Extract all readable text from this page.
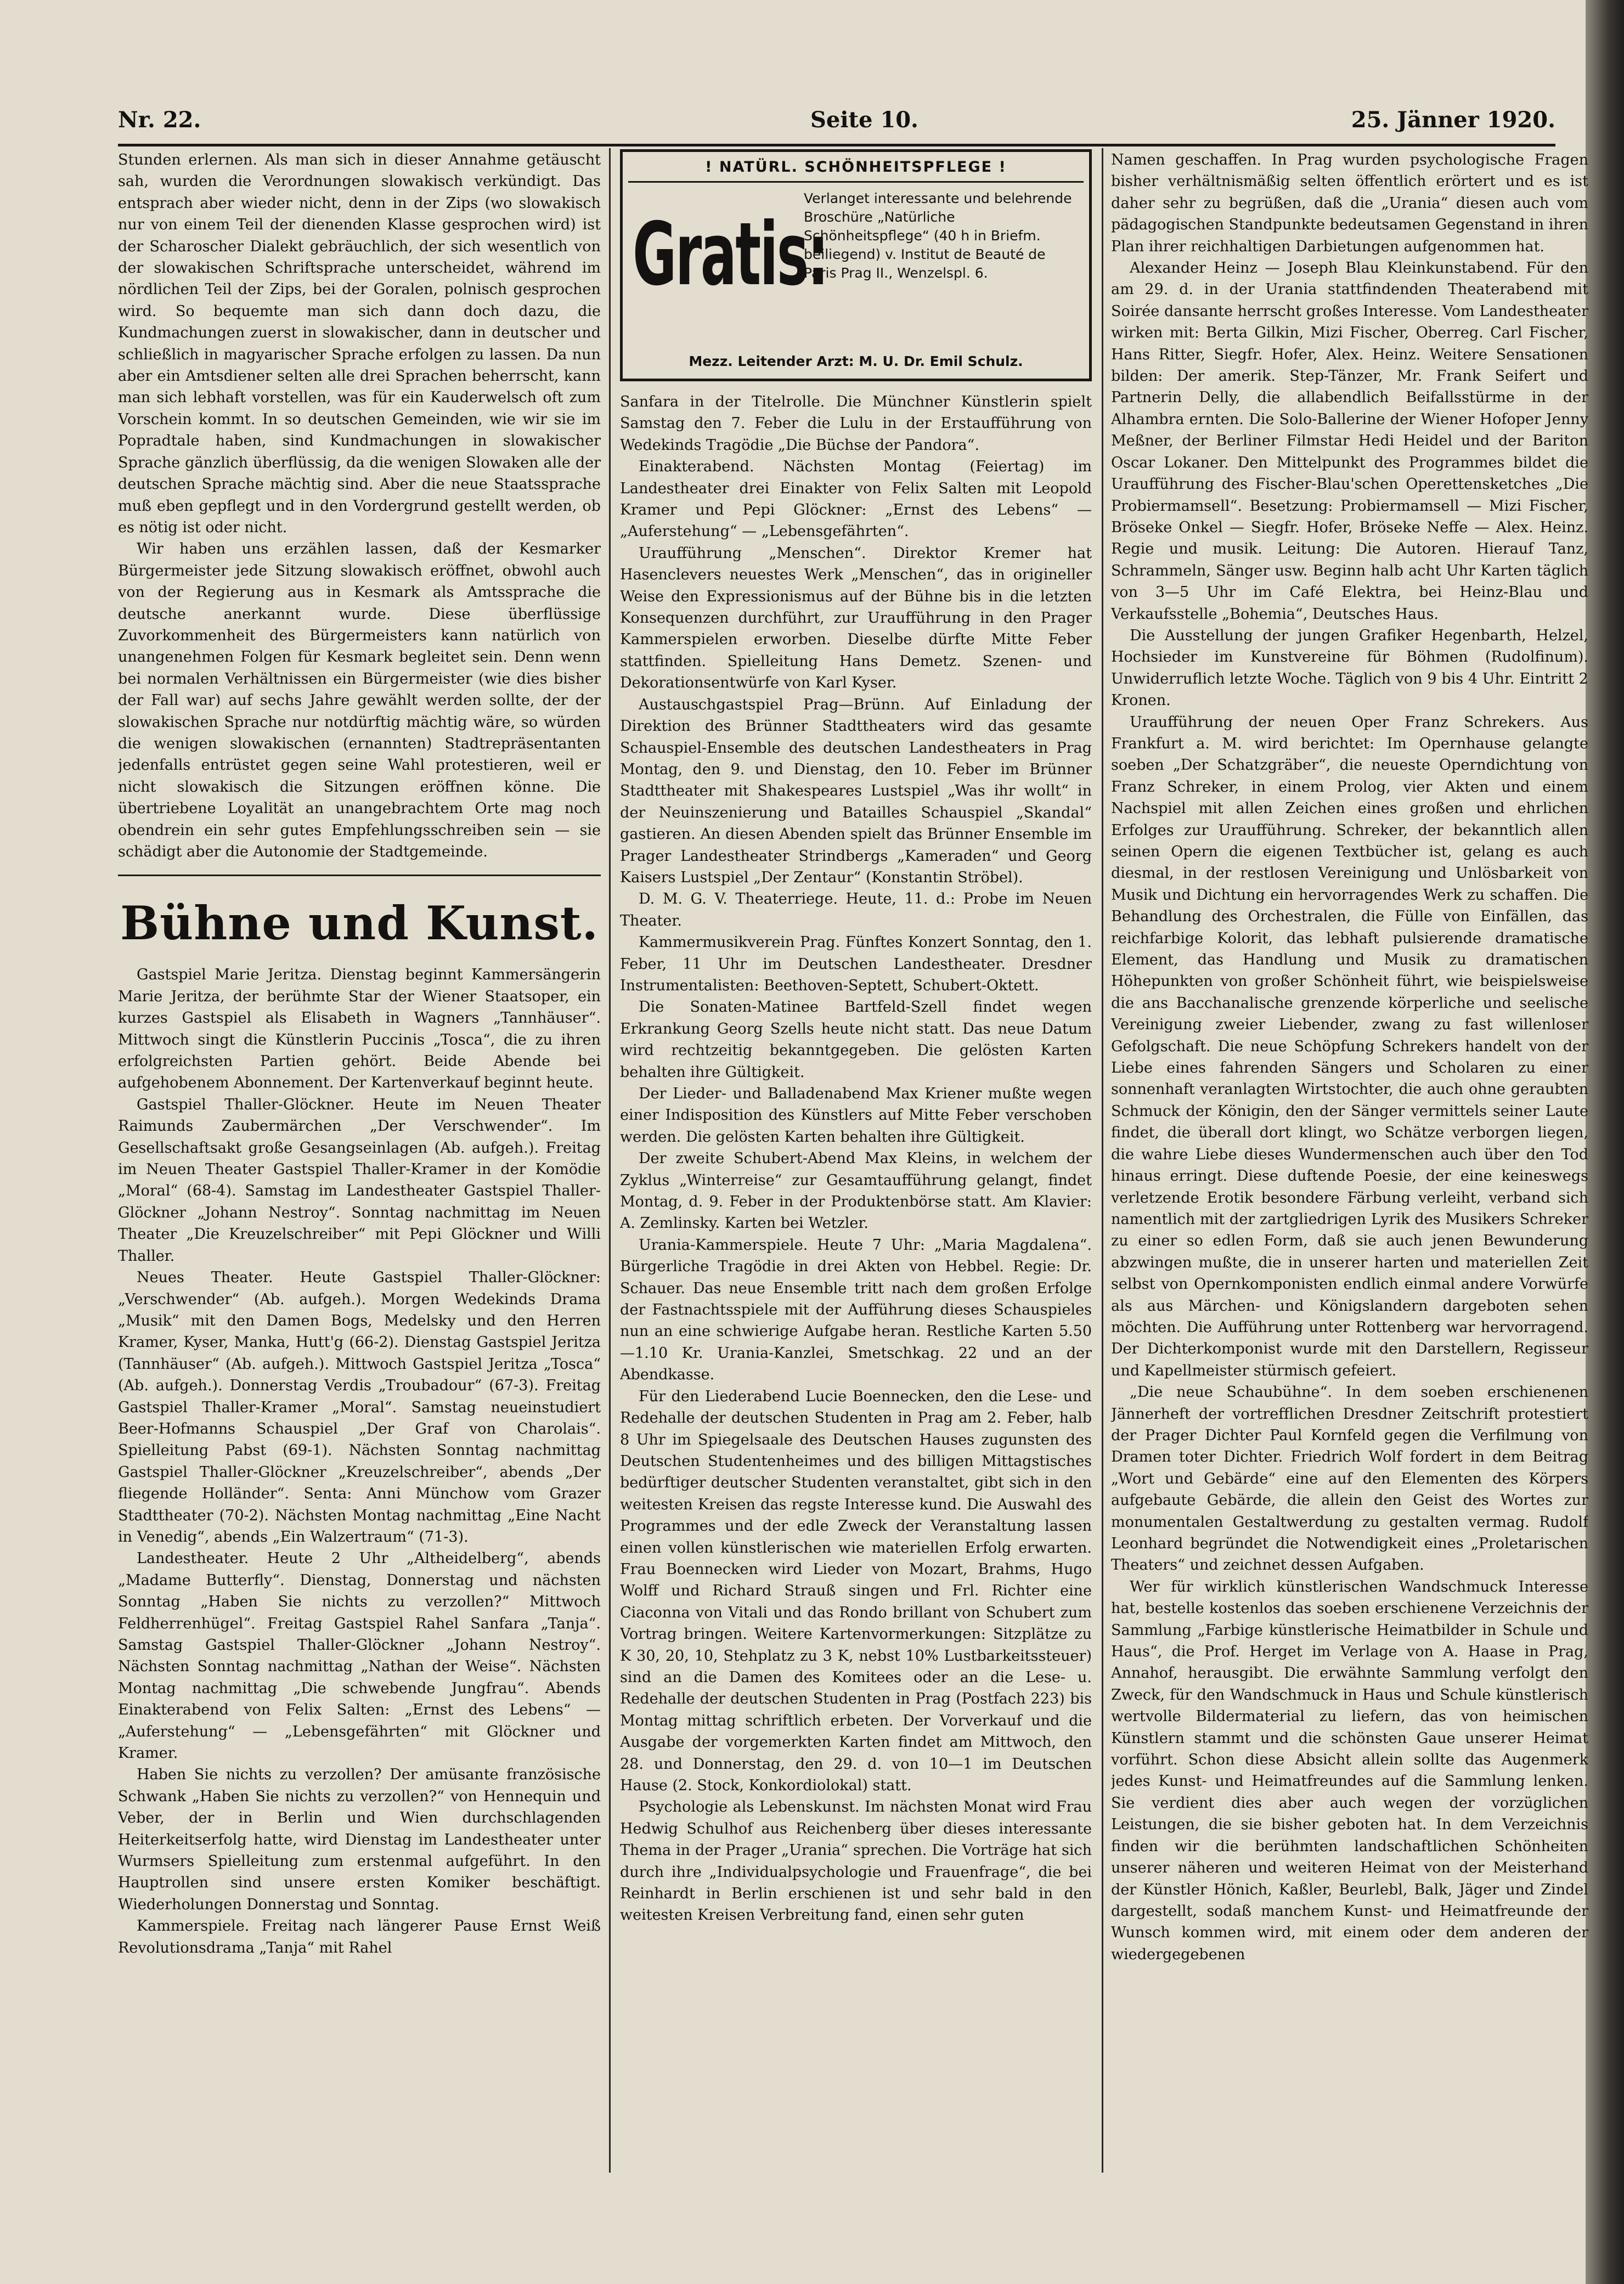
Nr. 22.	Seite 10.	25. Jänner 1920.

Stunden erlernen. Als man sich in dieser Annahme getäuscht sah, wurden die Verordnungen slowakisch verkündigt. Das entsprach aber wieder nicht, denn in der Zips (wo slowakisch nur von einem Teil der dienenden Klasse gesprochen wird) ist der Scharoscher Dialekt gebräuchlich, der sich wesentlich von der slowakischen Schriftsprache unterscheidet, während im nördlichen Teil der Zips, bei der Goralen, polnisch gesprochen wird. So bequemte man sich dann doch dazu, die Kundmachungen zuerst in slowakischer, dann in deutscher und schließlich in magyarischer Sprache erfolgen zu lassen. Da nun aber ein Amtsdiener selten alle drei Sprachen beherrscht, kann man sich lebhaft vorstellen, was für ein Kauderwelsch oft zum Vorschein kommt. In so deutschen Gemeinden, wie wir sie im Popradtale haben, sind Kundmachungen in slowakischer Sprache gänzlich überflüssig, da die wenigen Slowaken alle der deutschen Sprache mächtig sind. Aber die neue Staatssprache muß eben gepflegt und in den Vordergrund gestellt werden, ob es nötig ist oder nicht.

Wir haben uns erzählen lassen, daß der Kesmarker Bürgermeister jede Sitzung slowakisch eröffnet, obwohl auch von der Regierung aus in Kesmark als Amtssprache die deutsche anerkannt wurde. Diese überflüssige Zuvorkommenheit des Bürgermeisters kann natürlich von unangenehmen Folgen für Kesmark begleitet sein. Denn wenn bei normalen Verhältnissen ein Bürgermeister (wie dies bisher der Fall war) auf sechs Jahre gewählt werden sollte, der der slowakischen Sprache nur notdürftig mächtig wäre, so würden die wenigen slowakischen (ernannten) Stadtrepräsentanten jedenfalls entrüstet gegen seine Wahl protestieren, weil er nicht slowakisch die Sitzungen eröffnen könne. Die übertriebene Loyalität an unangebrachtem Orte mag noch obendrein ein sehr gutes Empfehlungsschreiben sein — sie schädigt aber die Autonomie der Stadtgemeinde.

Bühne und Kunst.

Gastspiel Marie Jeritza. Dienstag beginnt Kammersängerin Marie Jeritza, der berühmte Star der Wiener Staatsoper, ein kurzes Gastspiel als Elisabeth in Wagners „Tannhäuser“. Mittwoch singt die Künstlerin Puccinis „Tosca“, die zu ihren erfolgreichsten Partien gehört. Beide Abende bei aufgehobenem Abonnement. Der Kartenverkauf beginnt heute.

Gastspiel Thaller-Glöckner. Heute im Neuen Theater Raimunds Zaubermärchen „Der Verschwender“. Im Gesellschaftsakt große Gesangseinlagen (Ab. aufgeh.). Freitag im Neuen Theater Gastspiel Thaller-Kramer in der Komödie „Moral“ (68-4). Samstag im Landestheater Gastspiel Thaller-Glöckner „Johann Nestroy“. Sonntag nachmittag im Neuen Theater „Die Kreuzelschreiber“ mit Pepi Glöckner und Willi Thaller.

Neues Theater. Heute Gastspiel Thaller-Glöckner: „Verschwender“ (Ab. aufgeh.). Morgen Wedekinds Drama „Musik“ mit den Damen Bogs, Medelsky und den Herren Kramer, Kyser, Manka, Hutt'g (66-2). Dienstag Gastspiel Jeritza (Tannhäuser“ (Ab. aufgeh.). Mittwoch Gastspiel Jeritza „Tosca“ (Ab. aufgeh.). Donnerstag Verdis „Troubadour“ (67-3). Freitag Gastspiel Thaller-Kramer „Moral“. Samstag neueinstudiert Beer-Hofmanns Schauspiel „Der Graf von Charolais“. Spielleitung Pabst (69-1). Nächsten Sonntag nachmittag Gastspiel Thaller-Glöckner „Kreuzelschreiber“, abends „Der fliegende Holländer“. Senta: Anni Münchow vom Grazer Stadttheater (70-2). Nächsten Montag nachmittag „Eine Nacht in Venedig“, abends „Ein Walzertraum“ (71-3).

Landestheater. Heute 2 Uhr „Altheidelberg“, abends „Madame Butterfly“. Dienstag, Donnerstag und nächsten Sonntag „Haben Sie nichts zu verzollen?“ Mittwoch Feldherrenhügel“. Freitag Gastspiel Rahel Sanfara „Tanja“. Samstag Gastspiel Thaller-Glöckner „Johann Nestroy“. Nächsten Sonntag nachmittag „Nathan der Weise“. Nächsten Montag nachmittag „Die schwebende Jungfrau“. Abends Einakterabend von Felix Salten: „Ernst des Lebens“ — „Auferstehung“ — „Lebensgefährten“ mit Glöckner und Kramer.

Haben Sie nichts zu verzollen? Der amüsante französische Schwank „Haben Sie nichts zu verzollen?“ von Hennequin und Veber, der in Berlin und Wien durchschlagenden Heiterkeitserfolg hatte, wird Dienstag im Landestheater unter Wurmsers Spielleitung zum erstenmal aufgeführt. In den Hauptrollen sind unsere ersten Komiker beschäftigt. Wiederholungen Donnerstag und Sonntag.

Kammerspiele. Freitag nach längerer Pause Ernst Weiß Revolutionsdrama „Tanja“ mit Rahel

! NATÜRL. SCHÖNHEITSPFLEGE !
Gratis:
Verlanget interessante und belehrende Broschüre „Natürliche Schönheitspflege“ (40 h in Briefm. beiliegend) v. Institut de Beauté de Paris Prag II., Wenzelspl. 6.
Mezz. Leitender Arzt: M. U. Dr. Emil Schulz.

Sanfara in der Titelrolle. Die Münchner Künstlerin spielt Samstag den 7. Feber die Lulu in der Erstaufführung von Wedekinds Tragödie „Die Büchse der Pandora“.

Einakterabend. Nächsten Montag (Feiertag) im Landestheater drei Einakter von Felix Salten mit Leopold Kramer und Pepi Glöckner: „Ernst des Lebens“ — „Auferstehung“ — „Lebensgefährten“.

Uraufführung „Menschen“. Direktor Kremer hat Hasenclevers neuestes Werk „Menschen“, das in origineller Weise den Expressionismus auf der Bühne bis in die letzten Konsequenzen durchführt, zur Uraufführung in den Prager Kammerspielen erworben. Dieselbe dürfte Mitte Feber stattfinden. Spielleitung Hans Demetz. Szenen- und Dekorationsentwürfe von Karl Kyser.

Austauschgastspiel Prag—Brünn. Auf Einladung der Direktion des Brünner Stadttheaters wird das gesamte Schauspiel-Ensemble des deutschen Landestheaters in Prag Montag, den 9. und Dienstag, den 10. Feber im Brünner Stadttheater mit Shakespeares Lustspiel „Was ihr wollt“ in der Neuinszenierung und Batailles Schauspiel „Skandal“ gastieren. An diesen Abenden spielt das Brünner Ensemble im Prager Landestheater Strindbergs „Kameraden“ und Georg Kaisers Lustspiel „Der Zentaur“ (Konstantin Ströbel).

D. M. G. V. Theaterriege. Heute, 11. d.: Probe im Neuen Theater.

Kammermusikverein Prag. Fünftes Konzert Sonntag, den 1. Feber, 11 Uhr im Deutschen Landestheater. Dresdner Instrumentalisten: Beethoven-Septett, Schubert-Oktett.

Die Sonaten-Matinee Bartfeld-Szell findet wegen Erkrankung Georg Szells heute nicht statt. Das neue Datum wird rechtzeitig bekanntgegeben. Die gelösten Karten behalten ihre Gültigkeit.

Der Lieder- und Balladenabend Max Kriener mußte wegen einer Indisposition des Künstlers auf Mitte Feber verschoben werden. Die gelösten Karten behalten ihre Gültigkeit.

Der zweite Schubert-Abend Max Kleins, in welchem der Zyklus „Winterreise“ zur Gesamtaufführung gelangt, findet Montag, d. 9. Feber in der Produktenbörse statt. Am Klavier: A. Zemlinsky. Karten bei Wetzler.

Urania-Kammerspiele. Heute 7 Uhr: „Maria Magdalena“. Bürgerliche Tragödie in drei Akten von Hebbel. Regie: Dr. Schauer. Das neue Ensemble tritt nach dem großen Erfolge der Fastnachtsspiele mit der Aufführung dieses Schauspieles nun an eine schwierige Aufgabe heran. Restliche Karten 5.50—1.10 Kr. Urania-Kanzlei, Smetschkag. 22 und an der Abendkasse.

Für den Liederabend Lucie Boennecken, den die Lese- und Redehalle der deutschen Studenten in Prag am 2. Feber, halb 8 Uhr im Spiegelsaale des Deutschen Hauses zugunsten des Deutschen Studentenheimes und des billigen Mittagstisches bedürftiger deutscher Studenten veranstaltet, gibt sich in den weitesten Kreisen das regste Interesse kund. Die Auswahl des Programmes und der edle Zweck der Veranstaltung lassen einen vollen künstlerischen wie materiellen Erfolg erwarten. Frau Boennecken wird Lieder von Mozart, Brahms, Hugo Wolff und Richard Strauß singen und Frl. Richter eine Ciaconna von Vitali und das Rondo brillant von Schubert zum Vortrag bringen. Weitere Kartenvormerkungen: Sitzplätze zu K 30, 20, 10, Stehplatz zu 3 K, nebst 10% Lustbarkeitssteuer) sind an die Damen des Komitees oder an die Lese- u. Redehalle der deutschen Studenten in Prag (Postfach 223) bis Montag mittag schriftlich erbeten. Der Vorverkauf und die Ausgabe der vorgemerkten Karten findet am Mittwoch, den 28. und Donnerstag, den 29. d. von 10—1 im Deutschen Hause (2. Stock, Konkordiolokal) statt.

Psychologie als Lebenskunst. Im nächsten Monat wird Frau Hedwig Schulhof aus Reichenberg über dieses interessante Thema in der Prager „Urania“ sprechen. Die Vorträge hat sich durch ihre „Individualpsychologie und Frauenfrage“, die bei Reinhardt in Berlin erschienen ist und sehr bald in den weitesten Kreisen Verbreitung fand, einen sehr guten

Namen geschaffen. In Prag wurden psychologische Fragen bisher verhältnismäßig selten öffentlich erörtert und es ist daher sehr zu begrüßen, daß die „Urania“ diesen auch vom pädagogischen Standpunkte bedeutsamen Gegenstand in ihren Plan ihrer reichhaltigen Darbietungen aufgenommen hat.

Alexander Heinz — Joseph Blau Kleinkunstabend. Für den am 29. d. in der Urania stattfindenden Theaterabend mit Soirée dansante herrscht großes Interesse. Vom Landestheater wirken mit: Berta Gilkin, Mizi Fischer, Oberreg. Carl Fischer, Hans Ritter, Siegfr. Hofer, Alex. Heinz. Weitere Sensationen bilden: Der amerik. Step-Tänzer, Mr. Frank Seifert und Partnerin Delly, die allabendlich Beifallsstürme in der Alhambra ernten. Die Solo-Ballerine der Wiener Hofoper Jenny Meßner, der Berliner Filmstar Hedi Heidel und der Bariton Oscar Lokaner. Den Mittelpunkt des Programmes bildet die Uraufführung des Fischer-Blau'schen Operettensketches „Die Probiermamsell“. Besetzung: Probiermamsell — Mizi Fischer, Bröseke Onkel — Siegfr. Hofer, Bröseke Neffe — Alex. Heinz. Regie und musik. Leitung: Die Autoren. Hierauf Tanz, Schrammeln, Sänger usw. Beginn halb acht Uhr Karten täglich von 3—5 Uhr im Café Elektra, bei Heinz-Blau und Verkaufsstelle „Bohemia“, Deutsches Haus.

Die Ausstellung der jungen Grafiker Hegenbarth, Helzel, Hochsieder im Kunstvereine für Böhmen (Rudolfinum). Unwiderruflich letzte Woche. Täglich von 9 bis 4 Uhr. Eintritt 2 Kronen.

Uraufführung der neuen Oper Franz Schrekers. Aus Frankfurt a. M. wird berichtet: Im Opernhause gelangte soeben „Der Schatzgräber“, die neueste Operndichtung von Franz Schreker, in einem Prolog, vier Akten und einem Nachspiel mit allen Zeichen eines großen und ehrlichen Erfolges zur Uraufführung. Schreker, der bekanntlich allen seinen Opern die eigenen Textbücher ist, gelang es auch diesmal, in der restlosen Vereinigung und Unlösbarkeit von Musik und Dichtung ein hervorragendes Werk zu schaffen. Die Behandlung des Orchestralen, die Fülle von Einfällen, das reichfarbige Kolorit, das lebhaft pulsierende dramatische Element, das Handlung und Musik zu dramatischen Höhepunkten von großer Schönheit führt, wie beispielsweise die ans Bacchanalische grenzende körperliche und seelische Vereinigung zweier Liebender, zwang zu fast willenloser Gefolgschaft. Die neue Schöpfung Schrekers handelt von der Liebe eines fahrenden Sängers und Scholaren zu einer sonnenhaft veranlagten Wirtstochter, die auch ohne geraubten Schmuck der Königin, den der Sänger vermittels seiner Laute findet, die überall dort klingt, wo Schätze verborgen liegen, die wahre Liebe dieses Wundermenschen auch über den Tod hinaus erringt. Diese duftende Poesie, der eine keineswegs verletzende Erotik besondere Färbung verleiht, verband sich namentlich mit der zartgliedrigen Lyrik des Musikers Schreker zu einer so edlen Form, daß sie auch jenen Bewunderung abzwingen mußte, die in unserer harten und materiellen Zeit selbst von Opernkomponisten endlich einmal andere Vorwürfe als aus Märchen- und Königslandern dargeboten sehen möchten. Die Aufführung unter Rottenberg war hervorragend. Der Dichterkomponist wurde mit den Darstellern, Regisseur und Kapellmeister stürmisch gefeiert.

„Die neue Schaubühne“. In dem soeben erschienenen Jännerheft der vortrefflichen Dresdner Zeitschrift protestiert der Prager Dichter Paul Kornfeld gegen die Verfilmung von Dramen toter Dichter. Friedrich Wolf fordert in dem Beitrag „Wort und Gebärde“ eine auf den Elementen des Körpers aufgebaute Gebärde, die allein den Geist des Wortes zur monumentalen Gestaltwerdung zu gestalten vermag. Rudolf Leonhard begründet die Notwendigkeit eines „Proletarischen Theaters“ und zeichnet dessen Aufgaben.

Wer für wirklich künstlerischen Wandschmuck Interesse hat, bestelle kostenlos das soeben erschienene Verzeichnis der Sammlung „Farbige künstlerische Heimatbilder in Schule und Haus“, die Prof. Herget im Verlage von A. Haase in Prag, Annahof, herausgibt. Die erwähnte Sammlung verfolgt den Zweck, für den Wandschmuck in Haus und Schule künstlerisch wertvolle Bildermaterial zu liefern, das von heimischen Künstlern stammt und die schönsten Gaue unserer Heimat vorführt. Schon diese Absicht allein sollte das Augenmerk jedes Kunst- und Heimatfreundes auf die Sammlung lenken. Sie verdient dies aber auch wegen der vorzüglichen Leistungen, die sie bisher geboten hat. In dem Verzeichnis finden wir die berühmten landschaftlichen Schönheiten unserer näheren und weiteren Heimat von der Meisterhand der Künstler Hönich, Kaßler, Beurlebl, Balk, Jäger und Zindel dargestellt, sodaß manchem Kunst- und Heimatfreunde der Wunsch kommen wird, mit einem oder dem anderen der wiedergegebenen
